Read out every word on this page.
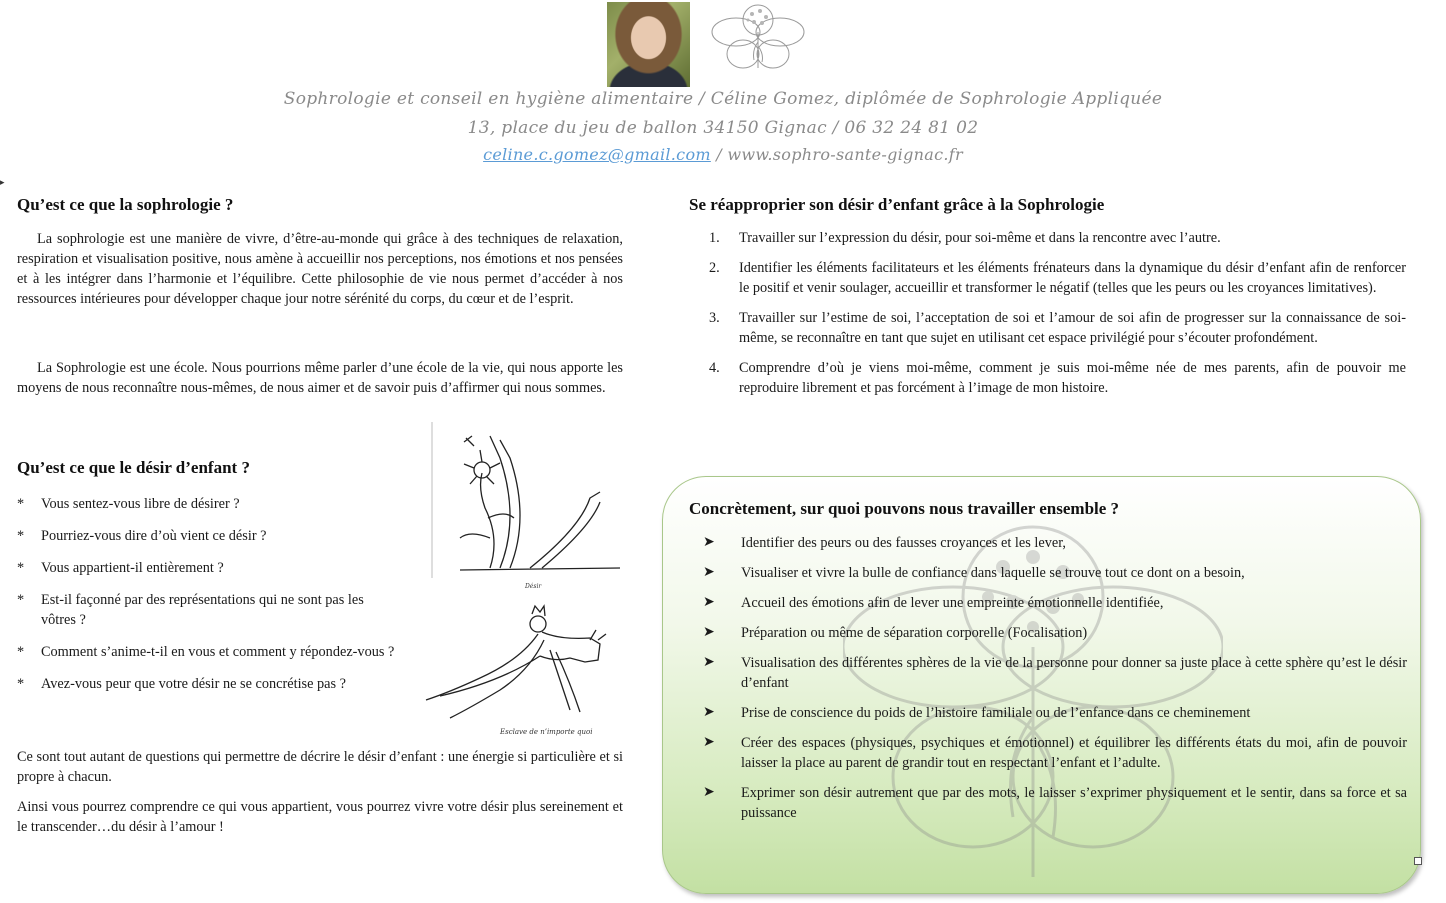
Sophrologie et conseil en hygiène alimentaire / Céline Gomez, diplômée de Sophrologie Appliquée
13, place du jeu de ballon 34150 Gignac / 06 32 24 81 02
celine.c.gomez@gmail.com / www.sophro-sante-gignac.fr
▸
Qu’est ce que la sophrologie ?
La sophrologie est une manière de vivre, d’être-au-monde qui grâce à des techniques de relaxation, respiration et visualisation positive, nous amène à accueillir nos perceptions, nos émotions et nos pensées et à les intégrer dans l’harmonie et l’équilibre. Cette philosophie de vie nous permet d’accéder à nos ressources intérieures pour développer chaque jour notre sérénité du corps, du cœur et de l’esprit.
La Sophrologie est une école. Nous pourrions même parler d’une école de la vie, qui nous apporte les moyens de nous reconnaître nous-mêmes, de nous aimer et de savoir puis d’affirmer qui nous sommes.
Désir
Esclave de n’importe quoi
Qu’est ce que le désir d’enfant ?
* Vous sentez-vous libre de désirer ?
* Pourriez-vous dire d’où vient ce désir ?
* Vous appartient-il entièrement ?
* Est-il façonné par des représentations qui ne sont pas les vôtres ?
* Comment s’anime-t-il en vous et comment y répondez-vous ?
* Avez-vous peur que votre désir ne se concrétise pas ?
Ce sont tout autant de questions qui permettre de décrire le désir d’enfant : une énergie si particulière et si propre à chacun.
Ainsi vous pourrez comprendre ce qui vous appartient, vous pourrez vivre votre désir plus sereinement et le transcender…du désir à l’amour !
Se réapproprier son désir d’enfant grâce à la Sophrologie
1. Travailler sur l’expression du désir, pour soi-même et dans la rencontre avec l’autre.
2. Identifier les éléments facilitateurs et les éléments frénateurs dans la dynamique du désir d’enfant afin de renforcer le positif et venir soulager, accueillir et transformer le négatif (telles que les peurs ou les croyances limitatives).
3. Travailler sur l’estime de soi, l’acceptation de soi et l’amour de soi afin de progresser sur la connaissance de soi-même, se reconnaître en tant que sujet en utilisant cet espace privilégié pour s’écouter profondément.
4. Comprendre d’où je viens moi-même, comment je suis moi-même née de mes parents, afin de pouvoir me reproduire librement et pas forcément à l’image de mon histoire.
Concrètement, sur quoi pouvons nous travailler ensemble ?
➤ Identifier des peurs ou des fausses croyances et les lever,
➤ Visualiser et vivre la bulle de confiance dans laquelle se trouve tout ce dont on a besoin,
➤ Accueil des émotions afin de lever une empreinte émotionnelle identifiée,
➤ Préparation ou même de séparation corporelle (Focalisation)
➤ Visualisation des différentes sphères de la vie de la personne pour donner sa juste place à cette sphère qu’est le désir d’enfant
➤ Prise de conscience du poids de l’histoire familiale ou de l’enfance dans ce cheminement
➤ Créer des espaces (physiques, psychiques et émotionnel) et équilibrer les différents états du moi, afin de pouvoir laisser la place au parent de grandir tout en respectant l’enfant et l’adulte.
➤ Exprimer son désir autrement que par des mots, le laisser s’exprimer physiquement et le sentir, dans sa force et sa puissance
